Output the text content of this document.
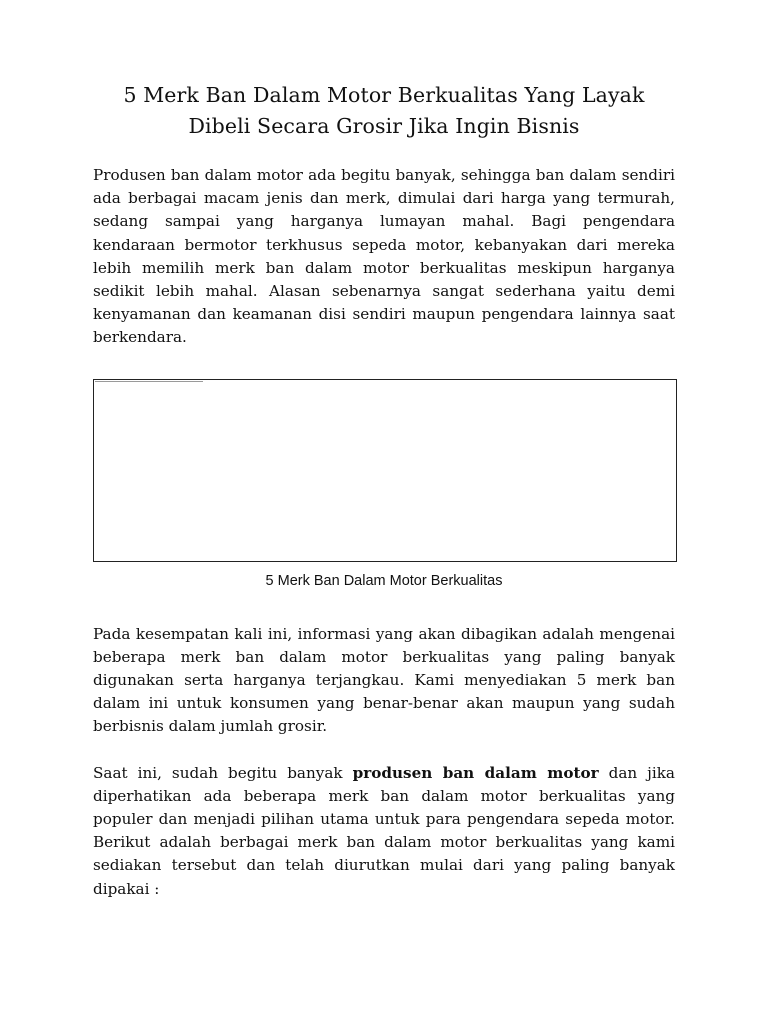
5 Merk Ban Dalam Motor Berkualitas Yang Layak
Dibeli Secara Grosir Jika Ingin Bisnis

Produsen ban dalam motor ada begitu banyak, sehingga ban dalam sendiri ada berbagai macam jenis dan merk, dimulai dari harga yang termurah, sedang sampai yang harganya lumayan mahal. Bagi pengendara kendaraan bermotor terkhusus sepeda motor, kebanyakan dari mereka lebih memilih merk ban dalam motor berkualitas meskipun harganya sedikit lebih mahal. Alasan sebenarnya sangat sederhana yaitu demi kenyamanan dan keamanan disi sendiri maupun pengendara lainnya saat berkendara.

5 Merk Ban Dalam Motor Berkualitas

Pada kesempatan kali ini, informasi yang akan dibagikan adalah mengenai beberapa merk ban dalam motor berkualitas yang paling banyak digunakan serta harganya terjangkau. Kami menyediakan 5 merk ban dalam ini untuk konsumen yang benar-benar akan maupun yang sudah berbisnis dalam jumlah grosir.

Saat ini, sudah begitu banyak produsen ban dalam motor dan jika diperhatikan ada beberapa merk ban dalam motor berkualitas yang populer dan menjadi pilihan utama untuk para pengendara sepeda motor. Berikut adalah berbagai merk ban dalam motor berkualitas yang kami sediakan tersebut dan telah diurutkan mulai dari yang paling banyak dipakai :
